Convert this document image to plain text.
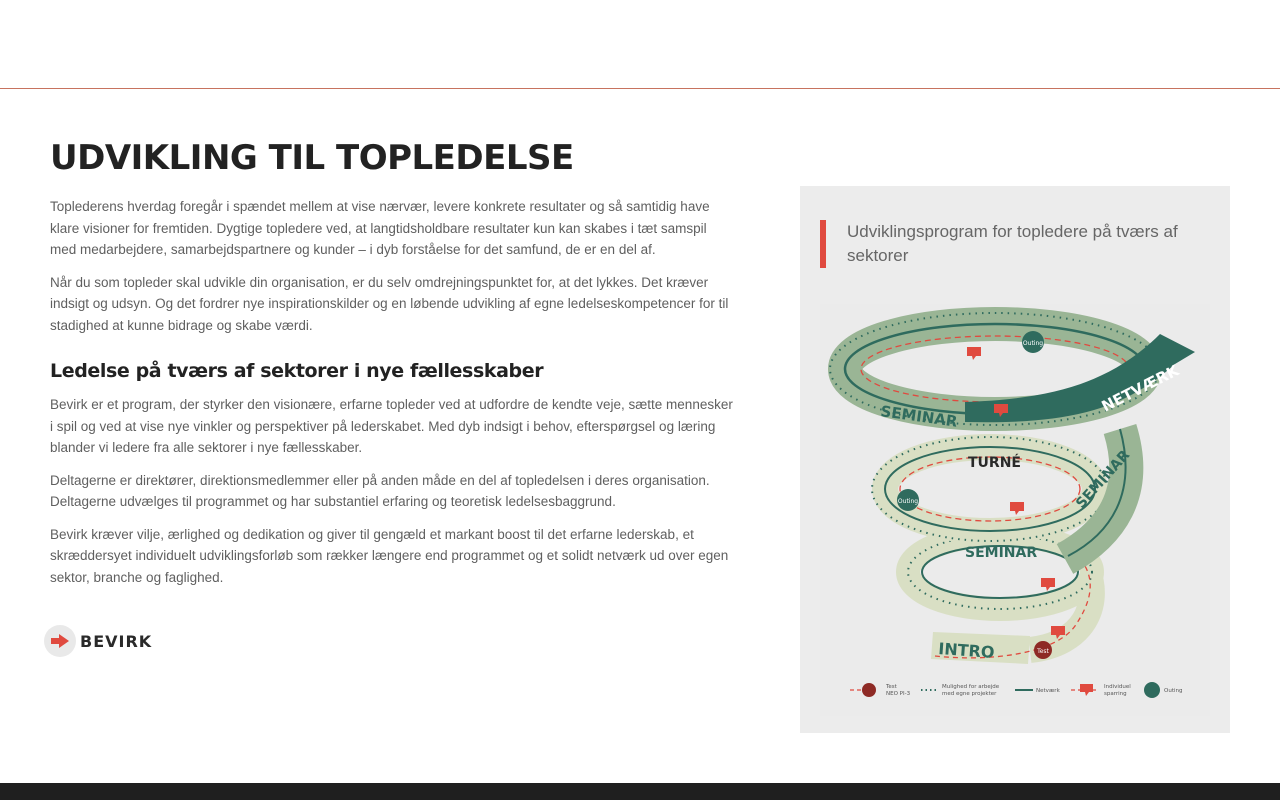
UDVIKLING TIL TOPLEDELSE

Toplederens hverdag foregår i spændet mellem at vise nærvær, levere konkrete resultater og så samtidig have klare visioner for fremtiden. Dygtige topledere ved, at langtidsholdbare resultater kun kan skabes i tæt samspil med medarbejdere, samarbejdspartnere og kunder – i dyb forståelse for det samfund, de er en del af.

Når du som topleder skal udvikle din organisation, er du selv omdrejningspunktet for, at det lykkes. Det kræver indsigt og udsyn. Og det fordrer nye inspirationskilder og en løbende udvikling af egne ledelseskompetencer for til stadighed at kunne bidrage og skabe værdi.

Ledelse på tværs af sektorer i nye fællesskaber

Bevirk er et program, der styrker den visionære, erfarne topleder ved at udfordre de kendte veje, sætte mennesker i spil og ved at vise nye vinkler og perspektiver på lederskabet. Med dyb indsigt i behov, efterspørgsel og læring blander vi ledere fra alle sektorer i nye fællesskaber.

Deltagerne er direktører, direktionsmedlemmer eller på anden måde en del af topledelsen i deres organisation. Deltagerne udvælges til programmet og har substantiel erfaring og teoretisk ledelsesbaggrund.

Bevirk kræver vilje, ærlighed og dedikation og giver til gengæld et markant boost til det erfarne lederskab, et skræddersyet individuelt udviklingsforløb som rækker længere end programmet og et solidt netværk ud over egen sektor, branche og faglighed.

BEVIRK
Udviklingsprogram for topledere på tværs af sektorer
SEMINAR
NETVÆRK
TURNÉ	SEMINAR
SEMINAR
INTRO
Outing
Outing
Test
Test
NEO PI-3
Mulighed for arbejde
med egne projekter	Netværk
Individuel
sparring	Outing
